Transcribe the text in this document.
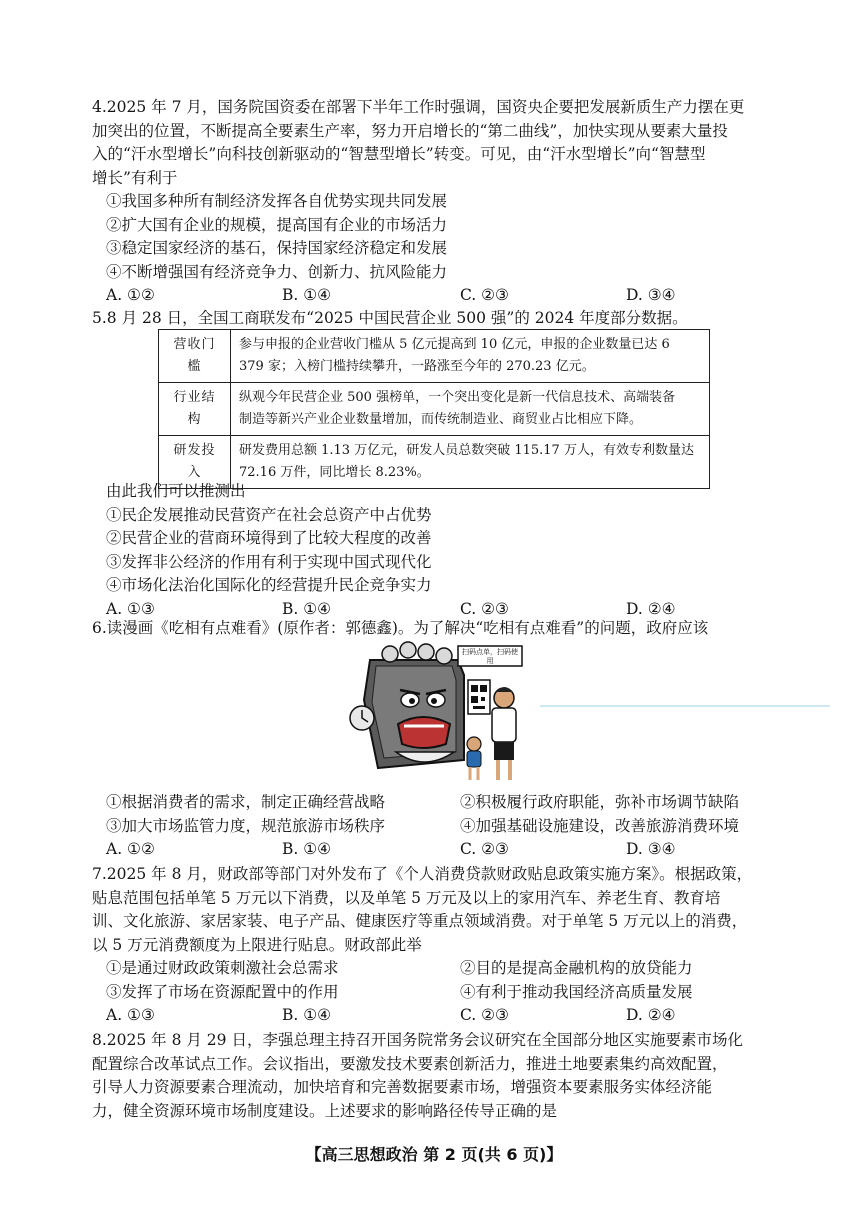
4.2025 年 7 月，国务院国资委在部署下半年工作时强调，国资央企要把发展新质生产力摆在更
加突出的位置，不断提高全要素生产率，努力开启增长的“第二曲线”，加快实现从要素大量投
入的“汗水型增长”向科技创新驱动的“智慧型增长”转变。可见，由“汗水型增长”向“智慧型
增长”有利于
①我国多种所有制经济发挥各自优势实现共同发展
②扩大国有企业的规模，提高国有企业的市场活力
③稳定国家经济的基石，保持国家经济稳定和发展
④不断增强国有经济竞争力、创新力、抗风险能力
A. ①②	B. ①④	C. ②③	D. ③④
5.8 月 28 日，全国工商联发布“2025 中国民营企业 500 强”的 2024 年度部分数据。
营收门槛	参与申报的企业营收门槛从 5 亿元提高到 10 亿元，申报的企业数量已达 6
379 家；入榜门槛持续攀升，一路涨至今年的 270.23 亿元。

行业结构	纵观今年民营企业 500 强榜单，一个突出变化是新一代信息技术、高端装备
制造等新兴产业企业数量增加，而传统制造业、商贸业占比相应下降。

研发投入	研发费用总额 1.13 万亿元，研发人员总数突破 115.17 万人，有效专利数量达
72.16 万件，同比增长 8.23%。
由此我们可以推测出
①民企发展推动民营资产在社会总资产中占优势
②民营企业的营商环境得到了比较大程度的改善
③发挥非公经济的作用有利于实现中国式现代化
④市场化法治化国际化的经营提升民企竞争实力
A. ①③	B. ①④	C. ②③	D. ②④
6.读漫画《吃相有点难看》(原作者：郭德鑫)。为了解决“吃相有点难看”的问题，政府应该
扫码点单，扫码使用
①根据消费者的需求，制定正确经营战略	②积极履行政府职能，弥补市场调节缺陷
③加大市场监管力度，规范旅游市场秩序	④加强基础设施建设，改善旅游消费环境
A. ①②	B. ①④	C. ②③	D. ③④
7.2025 年 8 月，财政部等部门对外发布了《个人消费贷款财政贴息政策实施方案》。根据政策，
贴息范围包括单笔 5 万元以下消费，以及单笔 5 万元及以上的家用汽车、养老生育、教育培
训、文化旅游、家居家装、电子产品、健康医疗等重点领域消费。对于单笔 5 万元以上的消费，
以 5 万元消费额度为上限进行贴息。财政部此举
①是通过财政政策刺激社会总需求	②目的是提高金融机构的放贷能力
③发挥了市场在资源配置中的作用	④有利于推动我国经济高质量发展
A. ①③	B. ①④	C. ②③	D. ②④
8.2025 年 8 月 29 日，李强总理主持召开国务院常务会议研究在全国部分地区实施要素市场化
配置综合改革试点工作。会议指出，要激发技术要素创新活力，推进土地要素集约高效配置，
引导人力资源要素合理流动，加快培育和完善数据要素市场，增强资本要素服务实体经济能
力，健全资源环境市场制度建设。上述要求的影响路径传导正确的是
【高三思想政治 第 2 页(共 6 页)】
